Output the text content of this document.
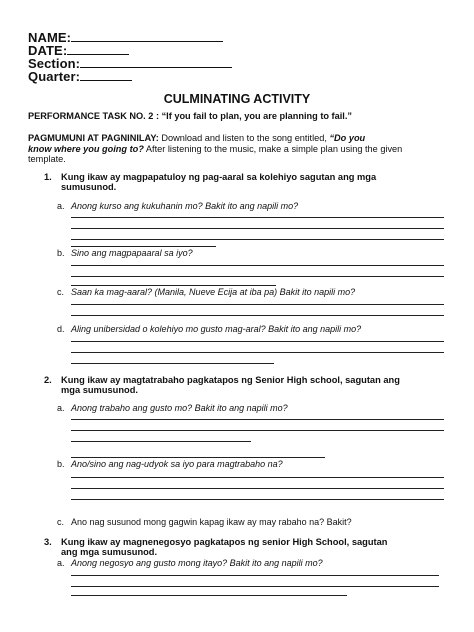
NAME:
DATE:
Section:
Quarter:
CULMINATING ACTIVITY
PERFORMANCE TASK NO. 2 : “If you fail to plan, you are planning to fail.”
PAGMUMUNI AT PAGNINILAY: Download and listen to the song entitled, “Do you
know where you going to? After listening to the music, make a simple plan using the given
template.
1. Kung ikaw ay magpapatuloy ng pag-aaral sa kolehiyo sagutan ang mga
sumusunod.
a. Anong kurso ang kukuhanin mo? Bakit ito ang napili mo?
b. Sino ang magpapaaral sa iyo?
c. Saan ka mag-aaral? (Manila, Nueve Ecija at iba pa) Bakit ito napili mo?
d. Aling unibersidad o kolehiyo mo gusto mag-aral? Bakit ito ang napili mo?
2. Kung ikaw ay magtatrabaho pagkatapos ng Senior High school, sagutan ang
mga sumusunod.
a. Anong trabaho ang gusto mo? Bakit ito ang napili mo?
b. Ano/sino ang nag-udyok sa iyo para magtrabaho na?
c. Ano nag susunod mong gagwin kapag ikaw ay may rabaho na? Bakit?
3. Kung ikaw ay magnenegosyo pagkatapos ng senior High School, sagutan
ang mga sumusunod.
a. Anong negosyo ang gusto mong itayo? Bakit ito ang napili mo?
